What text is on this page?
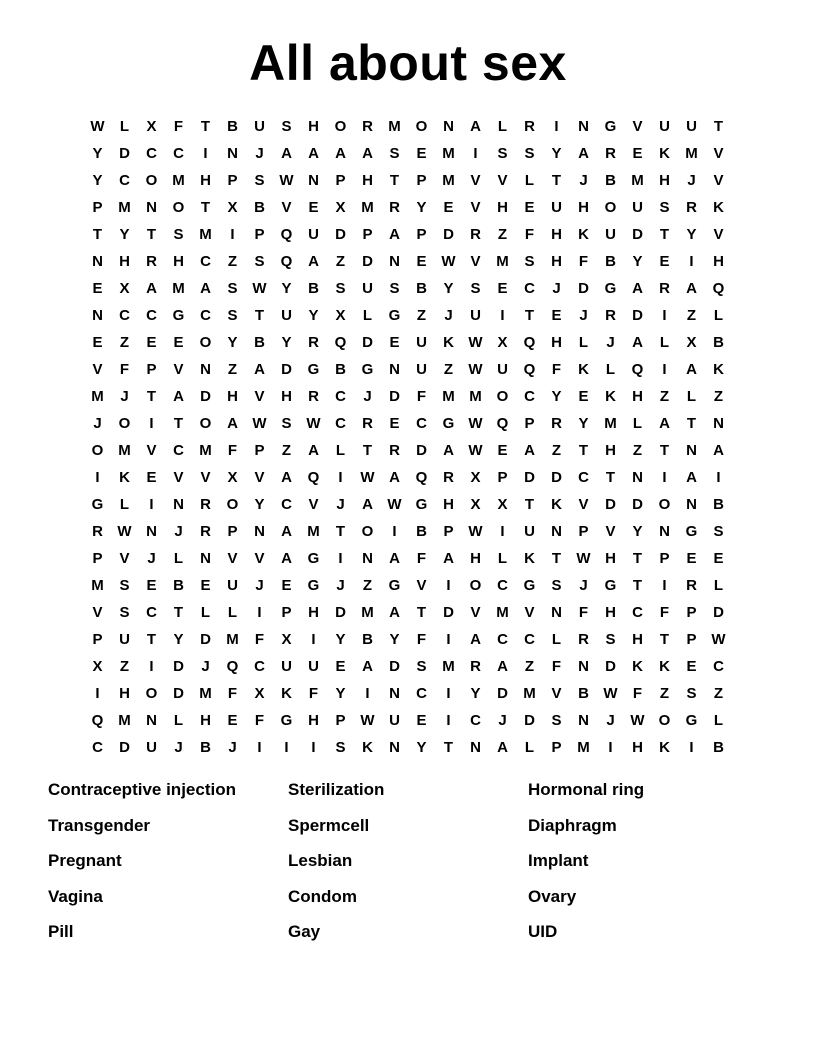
All about sex
W	L	X	F	T	B	U	S	H	O	R	M O	N	A	L	R	I	N	G	V	U	U	T
Y	D	C	C	I	N	J	A	A	A	A	S	E	M	I	S	S	Y	A	R	E	K	M	V
Y	C	O M	H	P	S W N	P	H	T	P	M	V	V	L	T	J	B	M	H	J	V
P	M	N	O	T	X	B	V	E	X	M	R	Y	E	V	H	E	U	H	O	U	S	R	K
T	Y	T	S	M	I	P	Q	U	D	P	A	P	D	R	Z	F	H	K	U	D	T	Y	V
N	H	R	H	C	Z	S	Q	A	Z	D	N	E W V	M	S	H	F	B	Y	E	I	H
E	X	A	M	A	S W Y	B	S	U	S	B	Y	S	E	C	J	D	G	A	R	A	Q
N	C	C	G	C	S	T	U	Y	X	L	G	Z	J	U	I	T	E	J	R	D	I	Z	L
E	Z	E	E	O	Y	B	Y	R	Q	D	E	U	K W X	Q	H	L	J	A	L	X	B
V	F	P	V	N	Z	A	D	G	B	G	N	U	Z	W U	Q	F	K	L	Q	I	A	K
M	J	T	A	D	H	V	H	R	C	J	D	F	M M O	C	Y	E	K	H	Z	L	Z
J	O	I	T	O	A W S W C	R	E	C	G W Q	P	R	Y	M	L	A	T	N
O M	V	C	M	F	P	Z	A	L	T	R	D	A W E	A	Z	T	H	Z	T	N	A
I	K	E	V	V	X	V	A	Q	I	W A	Q	R	X	P	D	D	C	T	N	I	A	I
G	L	I	N	R	O	Y	C	V	J	A W G	H	X	X	T	K	V	D	D	O	N	B
R W N	J	R	P	N	A	M	T	O	I	B	P W	I	U	N	P	V	Y	N	G	S
P	V	J	L	N	V	V	A	G	I	N	A	F	A	H	L	K	T	W H	T	P	E	E
M	S	E	B	E	U	J	E	G	J	Z	G	V	I	O	C	G	S	J	G	T	I	R	L
V	S	C	T	L	L	I	P	H	D	M	A	T	D	V	M	V	N	F	H	C	F	P	D
P	U	T	Y	D	M	F	X	I	Y	B	Y	F	I	A	C	C	L	R	S	H	T	P W
X	Z	I	D	J	Q	C	U	U	E	A	D	S	M	R	A	Z	F	N	D	K	K	E	C
I	H	O	D	M	F	X	K	F	Y	I	N	C	I	Y	D	M	V	B W	F	Z	S	Z
Q M	N	L	H	E	F	G	H	P W U	E	I	C	J	D	S	N	J	W O	G	L
C	D	U	J	B	J	I	I	I	S	K	N	Y	T	N	A	L	P	M	I	H	K	I	B
Contraceptive injection	Sterilization	Hormonal ring
Transgender	Spermcell	Diaphragm
Pregnant	Lesbian	Implant
Vagina	Condom	Ovary
Pill	Gay	UID
